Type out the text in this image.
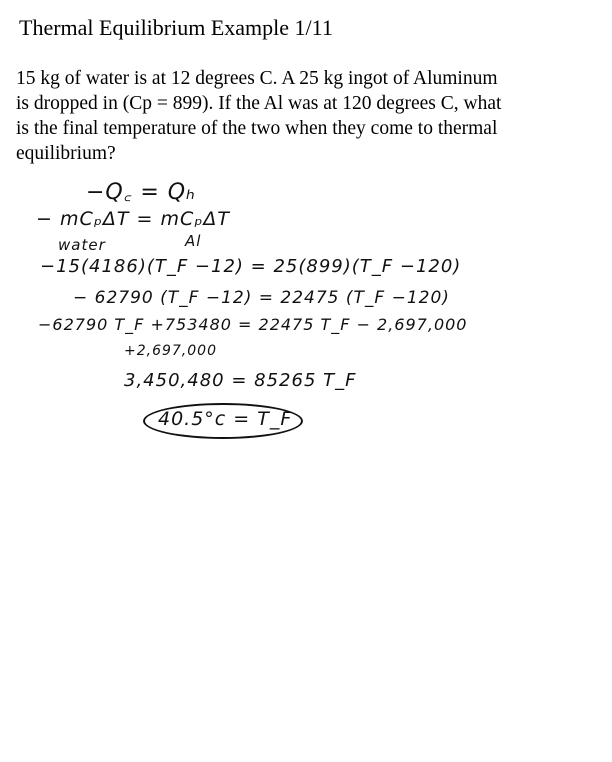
Thermal Equilibrium Example 1/11
15 kg of water is at 12 degrees C. A 25 kg ingot of Aluminum
is dropped in (Cp = 899). If the Al was at 120 degrees C, what
is the final temperature of the two when they come to thermal
equilibrium?
−Q꜀ = Qₕ
− mCₚΔT = mCₚΔT
water	Al
−15(4186)(T_F −12) = 25(899)(T_F −120)
− 62790 (T_F −12) = 22475 (T_F −120)
−62790 T_F +753480 = 22475 T_F − 2,697,000
+2,697,000
3,450,480 = 85265 T_F
40.5°c = T_F
